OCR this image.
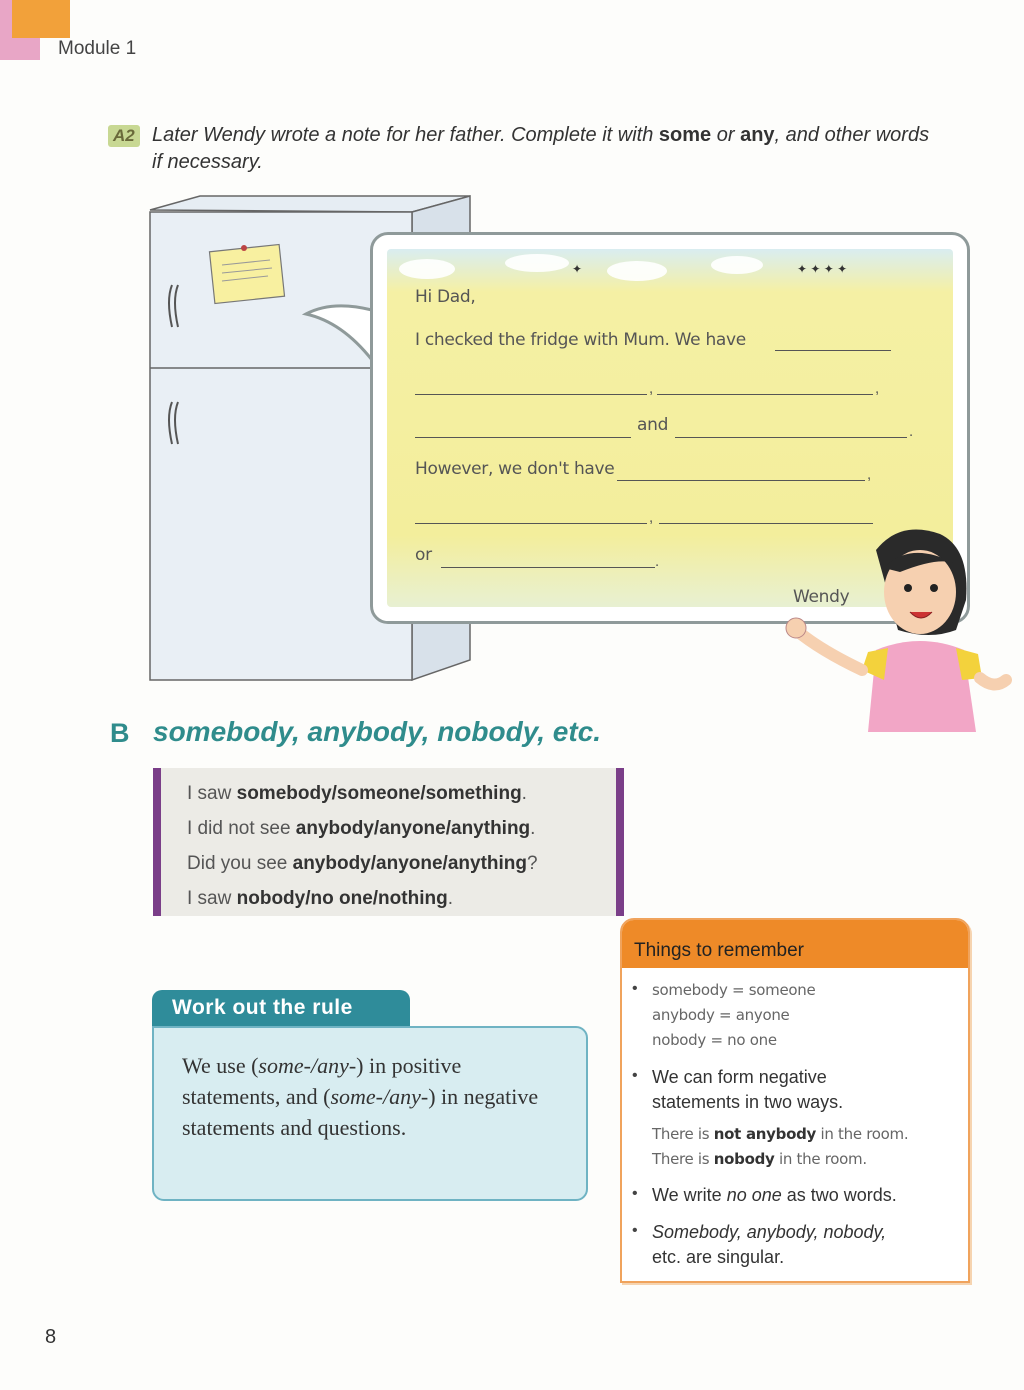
Module 1
A2 Later Wendy wrote a note for her father. Complete it with some or any, and other words if necessary.
✦	✦ ✦ ✦ ✦
Hi Dad,
I checked the fridge with Mum. We have
,	,
and	.
However, we don't have	,
,
or	.
Wendy
B somebody, anybody, nobody, etc.
I saw somebody/someone/something.
I did not see anybody/anyone/anything.
Did you see anybody/anyone/anything?
I saw nobody/no one/nothing.
Work out the rule
We use (some-/any-) in positive statements, and (some-/any-) in negative statements and questions.
Things to remember
• somebody = someone
anybody = anyone
nobody = no one
• We can form negative statements in two ways.
There is not anybody in the room.
There is nobody in the room.
• We write no one as two words.
• Somebody, anybody, nobody,
etc. are singular.
8
